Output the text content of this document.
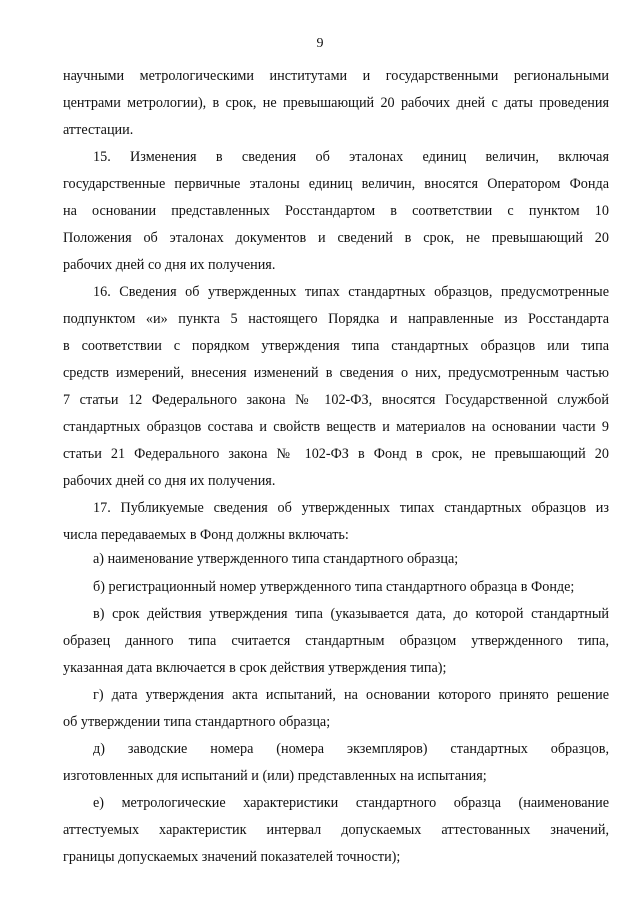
9
научными метрологическими институтами и государственными региональными
центрами метрологии), в срок, не превышающий 20 рабочих дней с даты проведения
аттестации.
15. Изменения в сведения об эталонах единиц величин, включая
государственные первичные эталоны единиц величин, вносятся Оператором Фонда
на основании представленных Росстандартом в соответствии с пунктом 10
Положения об эталонах документов и сведений в срок, не превышающий 20
рабочих дней со дня их получения.
16. Сведения об утвержденных типах стандартных образцов, предусмотренные
подпунктом «и» пункта 5 настоящего Порядка и направленные из Росстандарта
в соответствии с порядком утверждения типа стандартных образцов или типа
средств измерений, внесения изменений в сведения о них, предусмотренным частью
7 статьи 12 Федерального закона № 102-ФЗ, вносятся Государственной службой
стандартных образцов состава и свойств веществ и материалов на основании части 9
статьи 21 Федерального закона № 102-ФЗ в Фонд в срок, не превышающий 20
рабочих дней со дня их получения.
17. Публикуемые сведения об утвержденных типах стандартных образцов из
числа передаваемых в Фонд должны включать:
а) наименование утвержденного типа стандартного образца;
б) регистрационный номер утвержденного типа стандартного образца в Фонде;
в) срок действия утверждения типа (указывается дата, до которой стандартный
образец данного типа считается стандартным образцом утвержденного типа,
указанная дата включается в срок действия утверждения типа);
г) дата утверждения акта испытаний, на основании которого принято решение
об утверждении типа стандартного образца;
д) заводские номера (номера экземпляров) стандартных образцов,
изготовленных для испытаний и (или) представленных на испытания;
е) метрологические характеристики стандартного образца (наименование
аттестуемых характеристик интервал допускаемых аттестованных значений,
границы допускаемых значений показателей точности);
